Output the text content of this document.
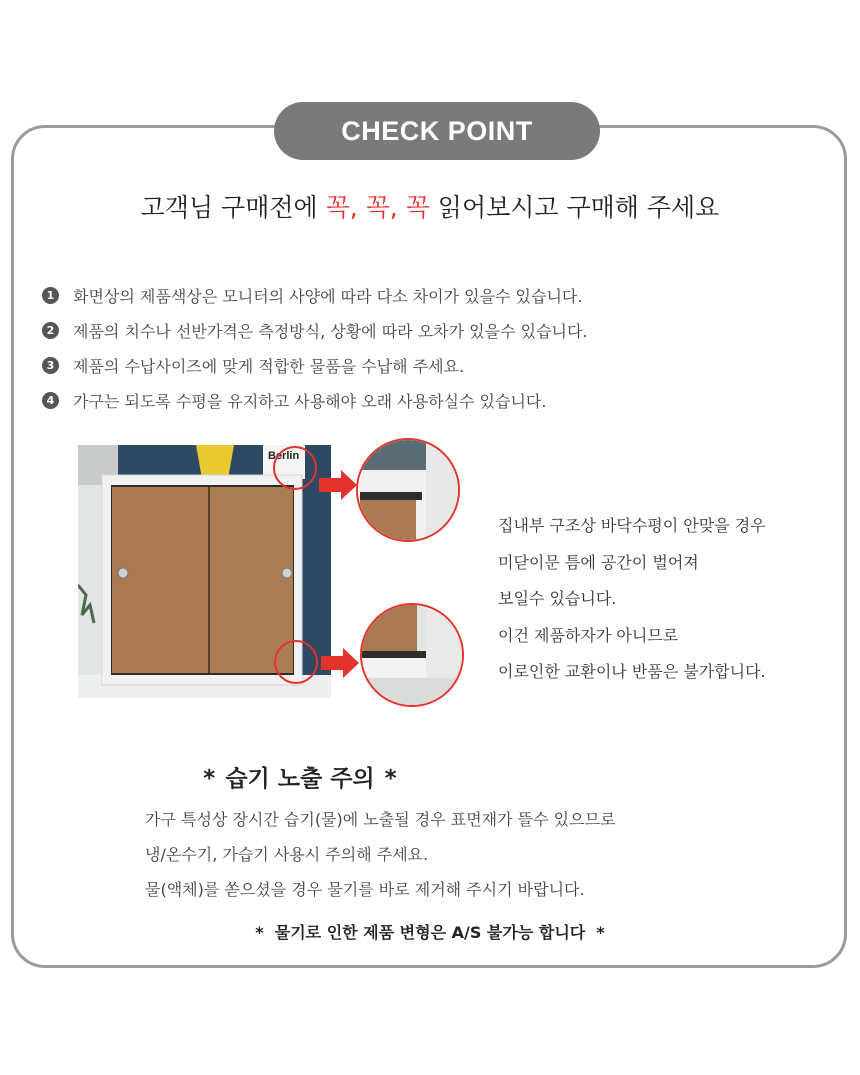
CHECK POINT
고객님 구매전에 꼭, 꼭, 꼭 읽어보시고 구매해 주세요
1 화면상의 제품색상은 모니터의 사양에 따라 다소 차이가 있을수 있습니다.
2 제품의 치수나 선반가격은 측정방식, 상황에 따라 오차가 있을수 있습니다.
3 제품의 수납사이즈에 맞게 적합한 물품을 수납해 주세요.
4 가구는 되도록 수평을 유지하고 사용해야 오래 사용하실수 있습니다.
Berlin
집내부 구조상 바닥수평이 안맞을 경우
미닫이문 틈에 공간이 벌어져
보일수 있습니다.
이건 제품하자가 아니므로
이로인한 교환이나 반품은 불가합니다.
* 습기 노출 주의 *
가구 특성상 장시간 습기(물)에 노출될 경우 표면재가 뜰수 있으므로
냉/온수기, 가습기 사용시 주의해 주세요.
물(액체)를 쏟으셨을 경우 물기를 바로 제거해 주시기 바랍니다.
* 물기로 인한 제품 변형은 A/S 불가능 합니다 *
